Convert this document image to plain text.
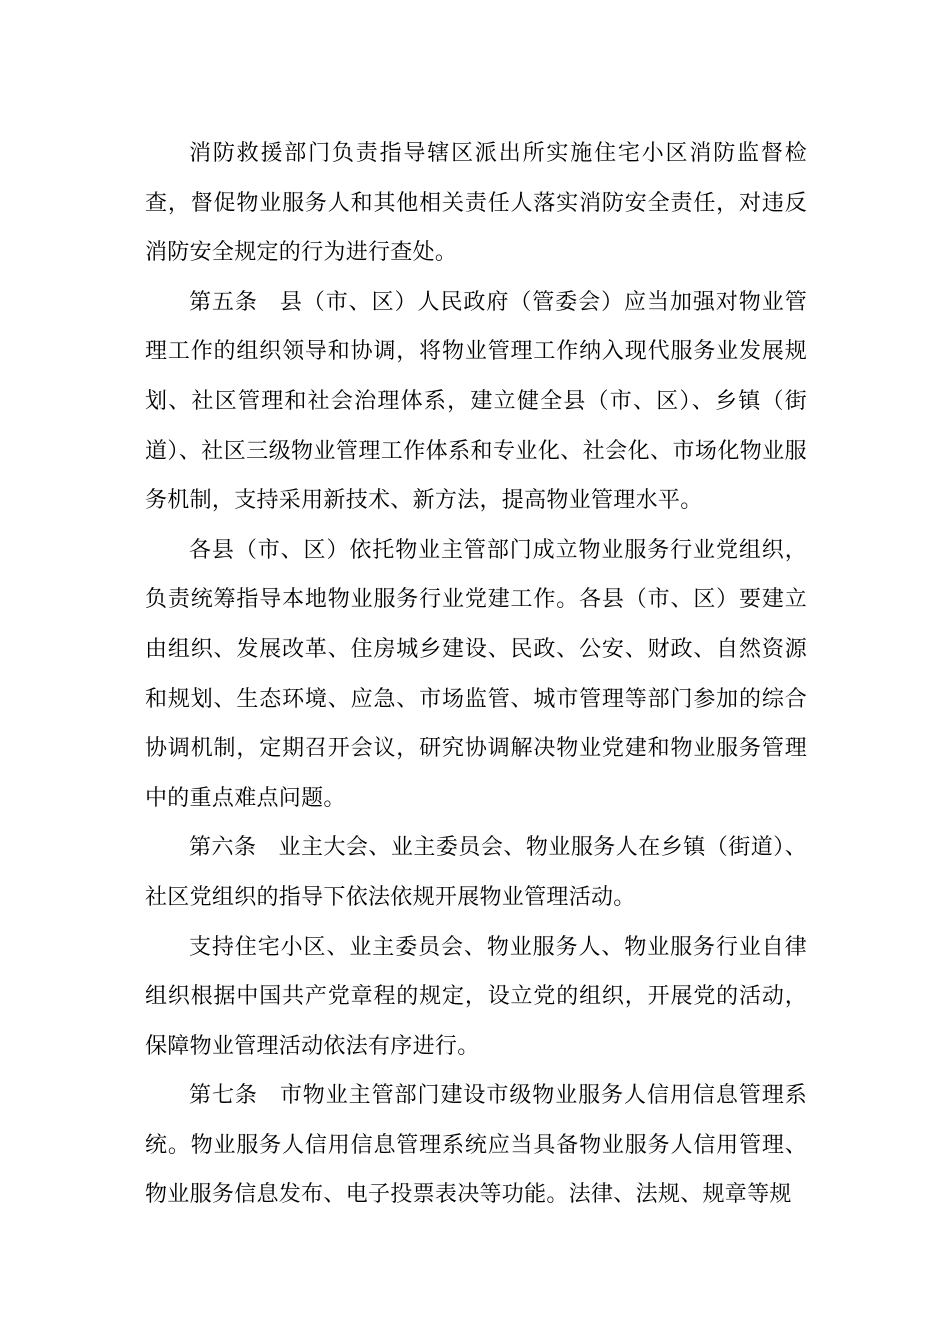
消防救援部门负责指导辖区派出所实施住宅小区消防监督检查，督促物业服务人和其他相关责任人落实消防安全责任，对违反消防安全规定的行为进行查处。

第五条 县（市、区）人民政府（管委会）应当加强对物业管理工作的组织领导和协调，将物业管理工作纳入现代服务业发展规划、社区管理和社会治理体系，建立健全县（市、区）、乡镇（街道）、社区三级物业管理工作体系和专业化、社会化、市场化物业服务机制，支持采用新技术、新方法，提高物业管理水平。

各县（市、区）依托物业主管部门成立物业服务行业党组织，负责统筹指导本地物业服务行业党建工作。各县（市、区）要建立由组织、发展改革、住房城乡建设、民政、公安、财政、自然资源和规划、生态环境、应急、市场监管、城市管理等部门参加的综合协调机制，定期召开会议，研究协调解决物业党建和物业服务管理中的重点难点问题。

第六条 业主大会、业主委员会、物业服务人在乡镇（街道）、社区党组织的指导下依法依规开展物业管理活动。

支持住宅小区、业主委员会、物业服务人、物业服务行业自律组织根据中国共产党章程的规定，设立党的组织，开展党的活动，保障物业管理活动依法有序进行。

第七条 市物业主管部门建设市级物业服务人信用信息管理系统。物业服务人信用信息管理系统应当具备物业服务人信用管理、物业服务信息发布、电子投票表决等功能。法律、法规、规章等规
